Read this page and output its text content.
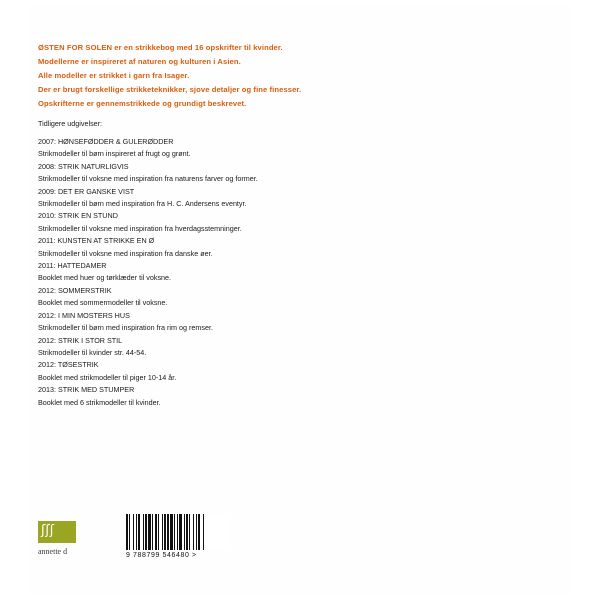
ØSTEN FOR SOLEN er en strikkebog med 16 opskrifter til kvinder.

Modellerne er inspireret af naturen og kulturen i Asien.

Alle modeller er strikket i garn fra Isager.

Der er brugt forskellige strikketeknikker, sjove detaljer og fine finesser.

Opskrifterne er gennemstrikkede og grundigt beskrevet.

Tidligere udgivelser:
2007: HØNSEFØDDER & GULERØDDER
Strikmodeller til børn inspireret af frugt og grønt.
2008: STRIK NATURLIGVIS
Strikmodeller til voksne med inspiration fra naturens farver og former.
2009: DET ER GANSKE VIST
Strikmodeller til børn med inspiration fra H. C. Andersens eventyr.
2010: STRIK EN STUND
Strikmodeller til voksne med inspiration fra hverdagsstemninger.
2011: KUNSTEN AT STRIKKE EN Ø
Strikmodeller til voksne med inspiration fra danske øer.
2011: HATTEDAMER
Booklet med huer og tørklæder til voksne.
2012: SOMMERSTRIK
Booklet med sommermodeller til voksne.
2012: I MIN MOSTERS HUS
Strikmodeller til børn med inspiration fra rim og remser.
2012: STRIK I STOR STIL
Strikmodeller til kvinder str. 44-54.
2012: TØSESTRIK
Booklet med strikmodeller til piger 10-14 år.
2013: STRIK MED STUMPER
Booklet med 6 strikmodeller til kvinder.
ʃʃʃ
annette d	9 788799 546480 >
